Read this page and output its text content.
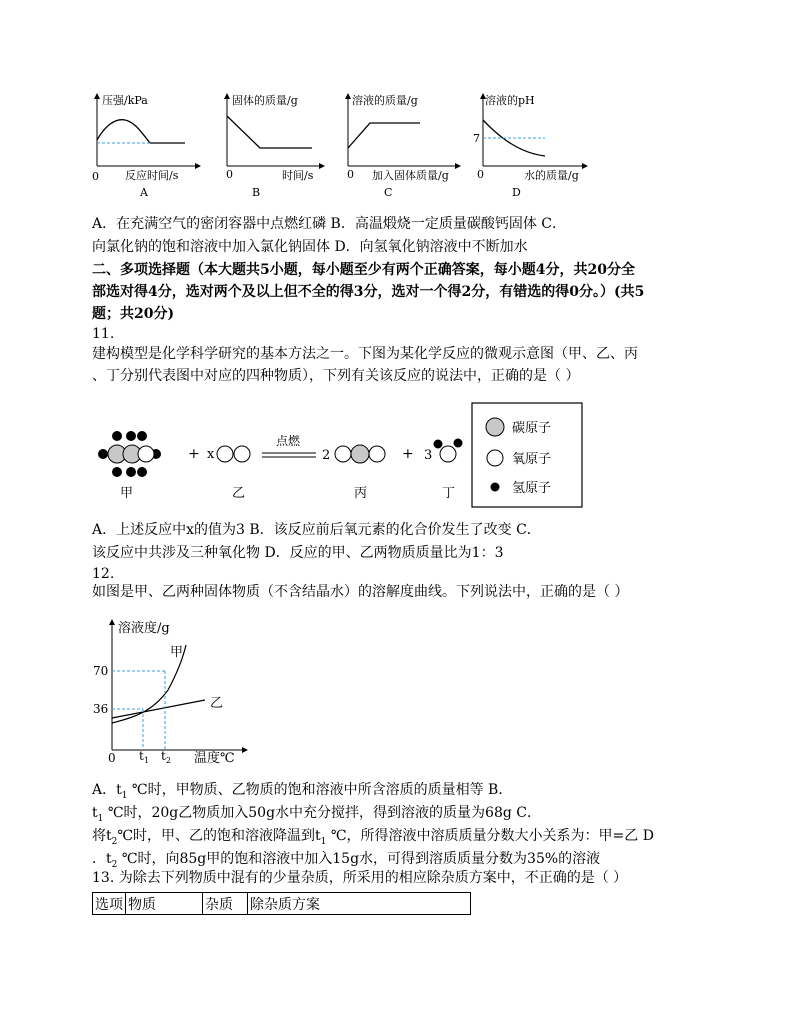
压强/kPa
反应时间/s
0
A
固体的质量/g
时间/s
0
B
溶液的质量/g
加入固体质量/g
0
C
溶液的pH
7
水的质量/g
0
D
A．在充满空气的密闭容器中点燃红磷 B．高温煅烧一定质量碳酸钙固体 C．
向氯化钠的饱和溶液中加入氯化钠固体 D．向氢氧化钠溶液中不断加水
二、多项选择题（本大题共5小题，每小题至少有两个正确答案，每小题4分，共20分全
部选对得4分，选对两个及以上但不全的得3分，选对一个得2分，有错选的得0分。）(共5
题；共20分)
11.
建构模型是化学科学研究的基本方法之一。下图为某化学反应的微观示意图（甲、乙、丙
、丁分别代表图中对应的四种物质），下列有关该反应的说法中，正确的是（ ）
+ x
点燃
2	+ 3
甲	乙	丙	丁
碳原子
氧原子
氢原子
A．上述反应中x的值为3 B．该反应前后氧元素的化合价发生了改变 C．
该反应中共涉及三种氧化物 D．反应的甲、乙两物质质量比为1：3
12.
如图是甲、乙两种固体物质（不含结晶水）的溶解度曲线。下列说法中，正确的是（ ）
溶液度/g
甲
乙
70
36
0 t 1 t 2 温度℃
A．$t_1$ ℃时，甲物质、乙物质的饱和溶液中所含溶质的质量相等 B．
$t_1$ ℃时，20g乙物质加入50g水中充分搅拌，得到溶液的质量为68g C．
将$t_2℃$时，甲、乙的饱和溶液降温到$t_1$ ℃，所得溶液中溶质质量分数大小关系为：甲=乙 D
．$t_2$ ℃时，向85g甲的饱和溶液中加入15g水，可得到溶质质量分数为35%的溶液
13. 为除去下列物质中混有的少量杂质，所采用的相应除杂质方案中，不正确的是（ ）
选项	物质	杂质	除杂质方案
